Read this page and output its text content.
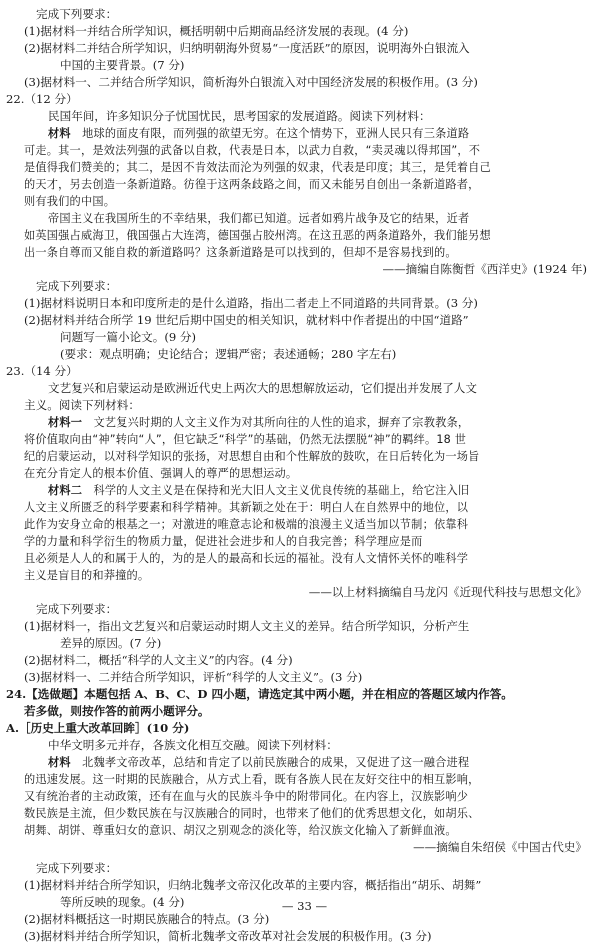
完成下列要求：
(1)据材料一并结合所学知识，概括明朝中后期商品经济发展的表现。(4 分)
(2)据材料二并结合所学知识，归纳明朝海外贸易“一度活跃”的原因，说明海外白银流入
中国的主要背景。(7 分)
(3)据材料一、二并结合所学知识，简析海外白银流入对中国经济发展的积极作用。(3 分)
22.（12 分）
民国年间，许多知识分子忧国忧民，思考国家的发展道路。阅读下列材料：
材料 地球的面皮有限，而列强的欲望无穷。在这个情势下，亚洲人民只有三条道路
可走。其一，是效法列强的武备以自救，代表是日本，以武力自救，“卖灵魂以得邦国”，不
是值得我们赞美的；其二，是因不肯效法而沦为列强的奴隶，代表是印度；其三，是凭着自己
的天才，另去创造一条新道路。彷徨于这两条歧路之间，而又未能另自创出一条新道路者，
则有我们的中国。
帝国主义在我国所生的不幸结果，我们都已知道。远者如鸦片战争及它的结果，近者
如英国强占威海卫，俄国强占大连湾，德国强占胶州湾。在这丑恶的两条道路外，我们能另想
出一条自尊而又能自救的新道路吗？这条新道路是可以找到的，但却不是容易找到的。
——摘编自陈衡哲《西洋史》(1924 年)
完成下列要求：
(1)据材料说明日本和印度所走的是什么道路，指出二者走上不同道路的共同背景。(3 分)
(2)据材料并结合所学 19 世纪后期中国史的相关知识，就材料中作者提出的中国“道路”
问题写一篇小论文。(9 分)
(要求：观点明确；史论结合；逻辑严密；表述通畅；280 字左右)
23.（14 分）
文艺复兴和启蒙运动是欧洲近代史上两次大的思想解放运动，它们提出并发展了人文
主义。阅读下列材料：
材料一 文艺复兴时期的人文主义作为对其所向往的人性的追求，摒弃了宗教教条，
将价值取向由“神”转向“人”，但它缺乏“科学”的基础，仍然无法摆脱“神”的羁绊。18 世
纪的启蒙运动，以对科学知识的张扬，对思想自由和个性解放的鼓吹，在日后转化为一场旨
在充分肯定人的根本价值、强调人的尊严的思想运动。
材料二 科学的人文主义是在保持和光大旧人文主义优良传统的基础上，给它注入旧
人文主义所匮乏的科学要素和科学精神。其新颖之处在于：明白人在自然界中的地位，以
此作为安身立命的根基之一；对激进的唯意志论和极端的浪漫主义适当加以节制；依靠科
学的力量和科学衍生的物质力量，促进社会进步和人的自我完善；科学理应是而
且必须是人人的和属于人的，为的是人的最高和长远的福祉。没有人文情怀关怀的唯科学
主义是盲目的和莽撞的。
——以上材料摘编自马龙闪《近现代科技与思想文化》
完成下列要求：
(1)据材料一，指出文艺复兴和启蒙运动时期人文主义的差异。结合所学知识，分析产生
差异的原因。(7 分)
(2)据材料二，概括“科学的人文主义”的内容。(4 分)
(3)据材料一、二并结合所学知识，评析“科学的人文主义”。(3 分)
24.【选做题】本题包括 A、B、C、D 四小题，请选定其中两小题，并在相应的答题区域内作答。
若多做，则按作答的前两小题评分。
A.［历史上重大改革回眸］(10 分)
中华文明多元并存，各族文化相互交融。阅读下列材料：
材料 北魏孝文帝改革，总结和肯定了以前民族融合的成果，又促进了这一融合进程
的迅速发展。这一时期的民族融合，从方式上看，既有各族人民在友好交往中的相互影响，
又有统治者的主动政策，还有在血与火的民族斗争中的附带同化。在内容上，汉族影响少
数民族是主流，但少数民族在与汉族融合的同时，也带来了他们的优秀思想文化，如胡乐、
胡舞、胡饼、尊重妇女的意识、胡汉之别观念的淡化等，给汉族文化输入了新鲜血液。
——摘编自朱绍侯《中国古代史》
完成下列要求：
(1)据材料并结合所学知识，归纳北魏孝文帝汉化改革的主要内容，概括指出“胡乐、胡舞”
等所反映的现象。(4 分)
(2)据材料概括这一时期民族融合的特点。(3 分)
(3)据材料并结合所学知识，简析北魏孝文帝改革对社会发展的积极作用。(3 分)
— 33 —
